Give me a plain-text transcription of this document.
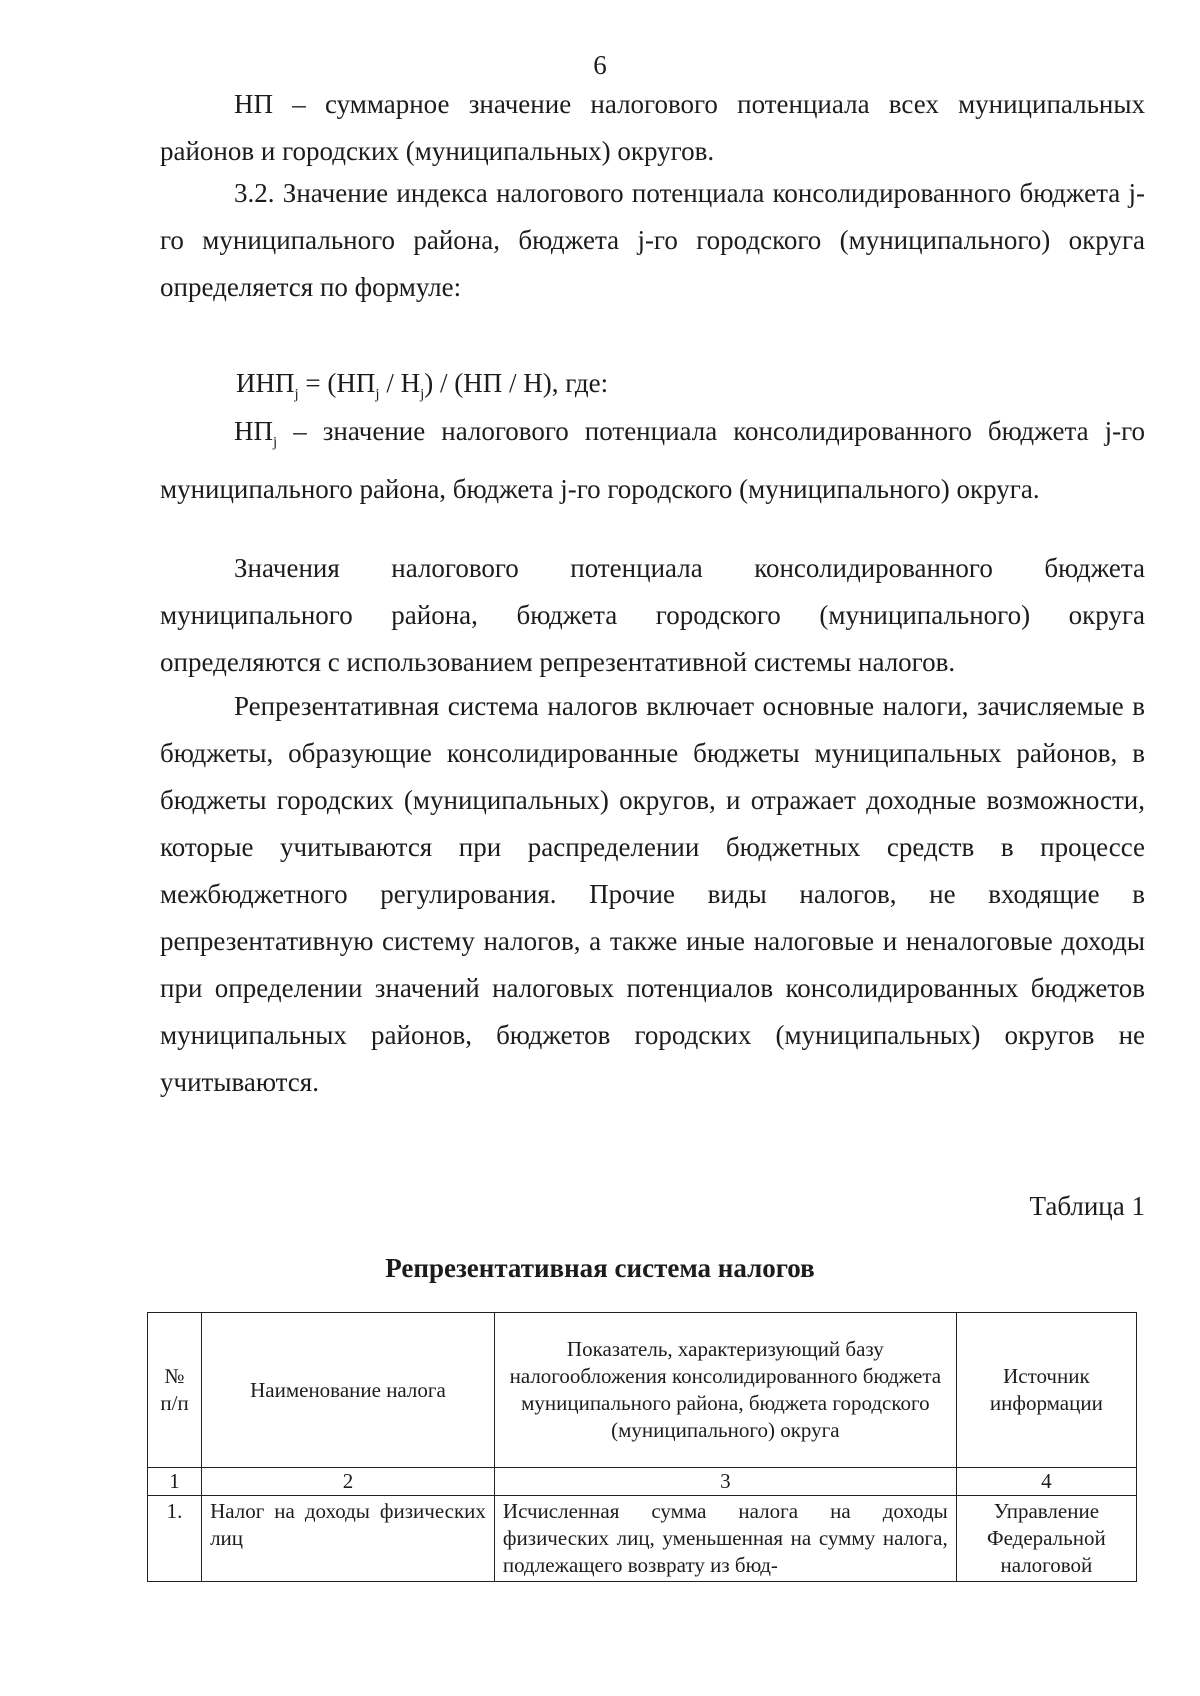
6

НП – суммарное значение налогового потенциала всех муниципальных районов и городских (муниципальных) округов.

3.2. Значение индекса налогового потенциала консолидированного бюджета j-го муниципального района, бюджета j-го городского (муниципального) округа определяется по формуле:

$ИНП_j = (НП_j / Н_j) / (НП / Н)$, где:

$НП_j$ – значение налогового потенциала консолидированного бюджета j-го муниципального района, бюджета j-го городского (муниципального) округа.

Значения налогового потенциала консолидированного бюджета муниципального района, бюджета городского (муниципального) округа определяются с использованием репрезентативной системы налогов.

Репрезентативная система налогов включает основные налоги, зачисляемые в бюджеты, образующие консолидированные бюджеты муниципальных районов, в бюджеты городских (муниципальных) округов, и отражает доходные возможности, которые учитываются при распределении бюджетных средств в процессе межбюджетного регулирования. Прочие виды налогов, не входящие в репрезентативную систему налогов, а также иные налоговые и неналоговые доходы при определении значений налоговых потенциалов консолидированных бюджетов муниципальных районов, бюджетов городских (муниципальных) округов не учитываются.

Таблица 1
Репрезентативная система налогов
№ п/п	Наименование налога	Показатель, характеризующий базу налогообложения консолидированного бюджета муниципального района, бюджета городского (муниципального) округа	Источник информации
1	2	3	4
1.	Налог на доходы физических лиц	Исчисленная сумма налога на доходы физических лиц, уменьшенная на сумму налога, подлежащего возврату из бюд-	Управление Федеральной налоговой
